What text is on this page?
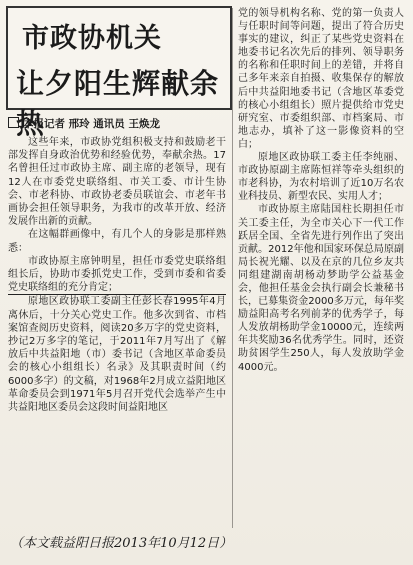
市政协机关
让夕阳生辉献余热
本报记者 邢玲 通讯员 王焕龙

这些年来，市政协党组积极支持和鼓励老干部发挥自身政治优势和经验优势，奉献余热。17名曾担任过市政协主席、副主席的老领导，现有12人在市委党史联络组、市关工委、市计生协会、市老科协、市政协老委员联谊会、市老年书画协会担任领导职务，为我市的改革开放、经济发展作出新的贡献。

在这幅群画像中，有几个人的身影是那样熟悉：

市政协原主席钟明星，担任市委党史联络组组长后，协助市委抓党史工作，受到市委和省委党史联络组的充分肯定；

原地区政协联工委副主任彭长春1995年4月离休后，十分关心党史工作。他多次到省、市档案馆查阅历史资料，阅读20多万字的党史资料，抄记2万多字的笔记，于2011年7月写出了《解放后中共益阳地（市）委书记（含地区革命委员会的核心小组组长）名录》及其职责时间（约6000多字）的文稿，对1968年2月成立益阳地区革命委员会到1971年5月召开党代会选举产生中共益阳地区委员会这段时间益阳地区

党的领导机构名称、党的第一负责人与任职时间等问题，提出了符合历史事实的建议，纠正了某些党史资料在地委书记名次先后的排列、领导职务的名称和任职时间上的差错，并将自己多年来亲自拍摄、收集保存的解放后中共益阳地委书记（含地区革委党的核心小组组长）照片提供给市党史研究室、市委组织部、市档案局、市地志办，填补了这一影像资料的空白；

原地区政协联工委主任李纯丽、市政协原副主席陈恒祥等牵头组织的市老科协，为农村培训了近10万名农业科技员、新型农民、实用人才；

市政协原主席陆国柱长期担任市关工委主任，为全市关心下一代工作跃居全国、全省先进行列作出了突出贡献。2012年他和国家环保总局原副局长祝光耀、以及在京的几位乡友共同组建湖南胡杨动梦助学公益基金会，他担任基金会执行副会长兼秘书长，已募集资金2000多万元，每年奖励益阳高考名列前茅的优秀学子，每人发放胡杨助学金10000元，连续两年共奖励36名优秀学生。同时，还资助贫困学生250人，每人发放助学金4000元。

（本文载益阳日报2013年10月12日）
